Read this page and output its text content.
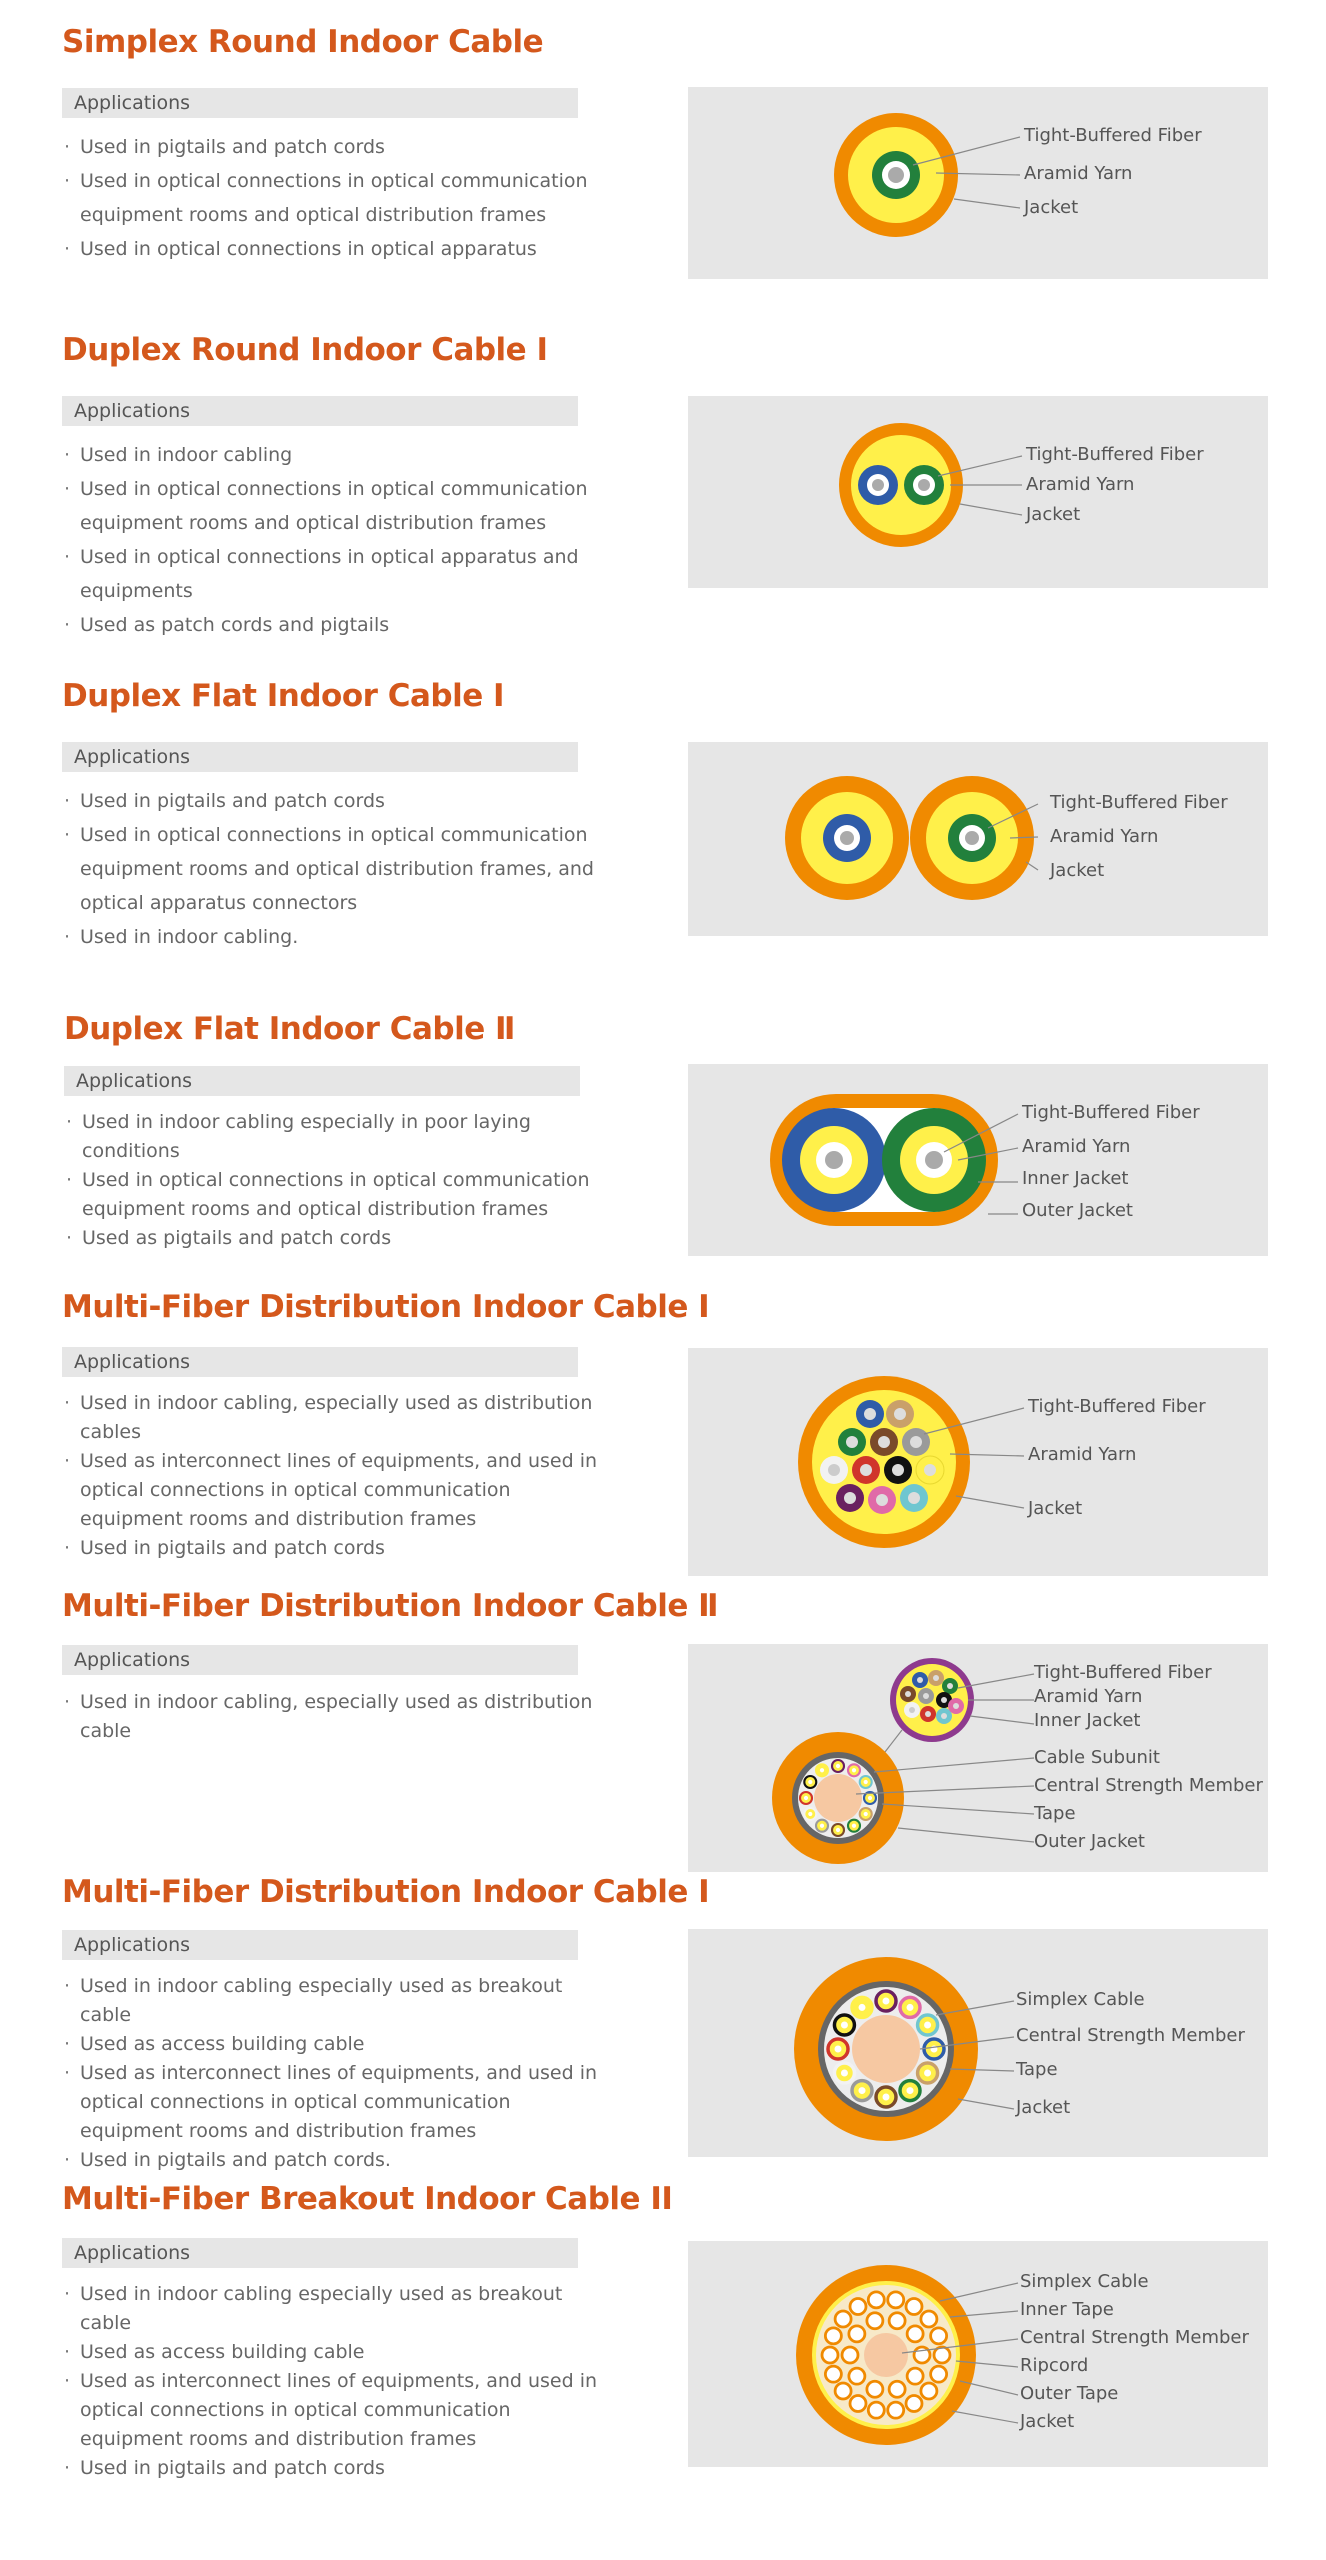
Simplex Round Indoor Cable
Applications
· Used in pigtails and patch cords
· Used in optical connections in optical communication equipment rooms and optical distribution frames
· Used in optical connections in optical apparatus
Tight-Buffered Fiber
Aramid Yarn
Jacket
Duplex Round Indoor Cable Ⅰ
Applications
· Used in indoor cabling
· Used in optical connections in optical communication equipment rooms and optical distribution frames
· Used in optical connections in optical apparatus and equipments
· Used as patch cords and pigtails
Tight-Buffered Fiber
Aramid Yarn
Jacket
Duplex Flat Indoor Cable Ⅰ
Applications
· Used in pigtails and patch cords
· Used in optical connections in optical communication equipment rooms and optical distribution frames, and optical apparatus connectors
· Used in indoor cabling.
Tight-Buffered Fiber
Aramid Yarn
Jacket
Duplex Flat Indoor Cable Ⅱ
Applications
· Used in indoor cabling especially in poor laying conditions
· Used in optical connections in optical communication equipment rooms and optical distribution frames
· Used as pigtails and patch cords
Tight-Buffered Fiber
Aramid Yarn
Inner Jacket
Outer Jacket
Multi-Fiber Distribution Indoor Cable Ⅰ
Applications
· Used in indoor cabling, especially used as distribution cables
· Used as interconnect lines of equipments, and used in optical connections in optical communication equipment rooms and distribution frames
· Used in pigtails and patch cords
Tight-Buffered Fiber
Aramid Yarn
Jacket
Multi-Fiber Distribution Indoor Cable Ⅱ
Applications
· Used in indoor cabling, especially used as distribution cable
Tight-Buffered Fiber
Aramid Yarn
Inner Jacket
Cable Subunit
Central Strength Member
Tape
Outer Jacket
Multi-Fiber Distribution Indoor Cable Ⅰ
Applications
· Used in indoor cabling especially used as breakout cable
· Used as access building cable
· Used as interconnect lines of equipments, and used in optical connections in optical communication equipment rooms and distribution frames
· Used in pigtails and patch cords.
Simplex Cable
Central Strength Member
Tape
Jacket
Multi-Fiber Breakout Indoor Cable II
Applications
· Used in indoor cabling especially used as breakout cable
· Used as access building cable
· Used as interconnect lines of equipments, and used in optical connections in optical communication equipment rooms and distribution frames
· Used in pigtails and patch cords
Simplex Cable
Inner Tape
Central Strength Member
Ripcord
Outer Tape
Jacket
